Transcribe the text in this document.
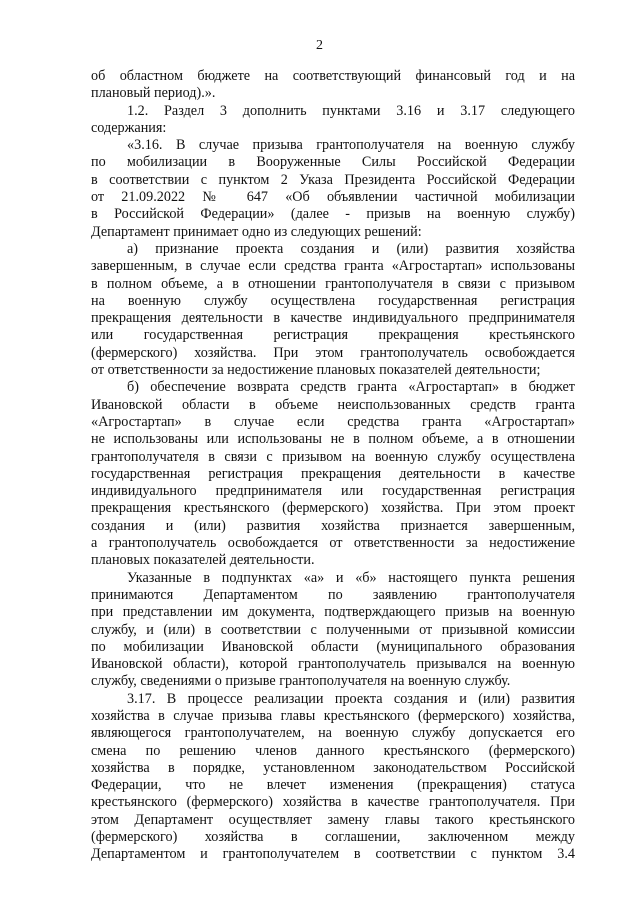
2
об областном бюджете на соответствующий финансовый год и на
плановый период).».
1.2. Раздел 3 дополнить пунктами 3.16 и 3.17 следующего
содержания:
«3.16. В случае призыва грантополучателя на военную службу
по мобилизации в Вооруженные Силы Российской Федерации
в соответствии с пунктом 2 Указа Президента Российской Федерации
от 21.09.2022 № 647 «Об объявлении частичной мобилизации
в Российской Федерации» (далее - призыв на военную службу)
Департамент принимает одно из следующих решений:
а) признание проекта создания и (или) развития хозяйства
завершенным, в случае если средства гранта «Агростартап» использованы
в полном объеме, а в отношении грантополучателя в связи с призывом
на военную службу осуществлена государственная регистрация
прекращения деятельности в качестве индивидуального предпринимателя
или государственная регистрация прекращения крестьянского
(фермерского) хозяйства. При этом грантополучатель освобождается
от ответственности за недостижение плановых показателей деятельности;
б) обеспечение возврата средств гранта «Агростартап» в бюджет
Ивановской области в объеме неиспользованных средств гранта
«Агростартап» в случае если средства гранта «Агростартап»
не использованы или использованы не в полном объеме, а в отношении
грантополучателя в связи с призывом на военную службу осуществлена
государственная регистрация прекращения деятельности в качестве
индивидуального предпринимателя или государственная регистрация
прекращения крестьянского (фермерского) хозяйства. При этом проект
создания и (или) развития хозяйства признается завершенным,
а грантополучатель освобождается от ответственности за недостижение
плановых показателей деятельности.
Указанные в подпунктах «а» и «б» настоящего пункта решения
принимаются Департаментом по заявлению грантополучателя
при представлении им документа, подтверждающего призыв на военную
службу, и (или) в соответствии с полученными от призывной комиссии
по мобилизации Ивановской области (муниципального образования
Ивановской области), которой грантополучатель призывался на военную
службу, сведениями о призыве грантополучателя на военную службу.
3.17. В процессе реализации проекта создания и (или) развития
хозяйства в случае призыва главы крестьянского (фермерского) хозяйства,
являющегося грантополучателем, на военную службу допускается его
смена по решению членов данного крестьянского (фермерского)
хозяйства в порядке, установленном законодательством Российской
Федерации, что не влечет изменения (прекращения) статуса
крестьянского (фермерского) хозяйства в качестве грантополучателя. При
этом Департамент осуществляет замену главы такого крестьянского
(фермерского) хозяйства в соглашении, заключенном между
Департаментом и грантополучателем в соответствии с пунктом 3.4
